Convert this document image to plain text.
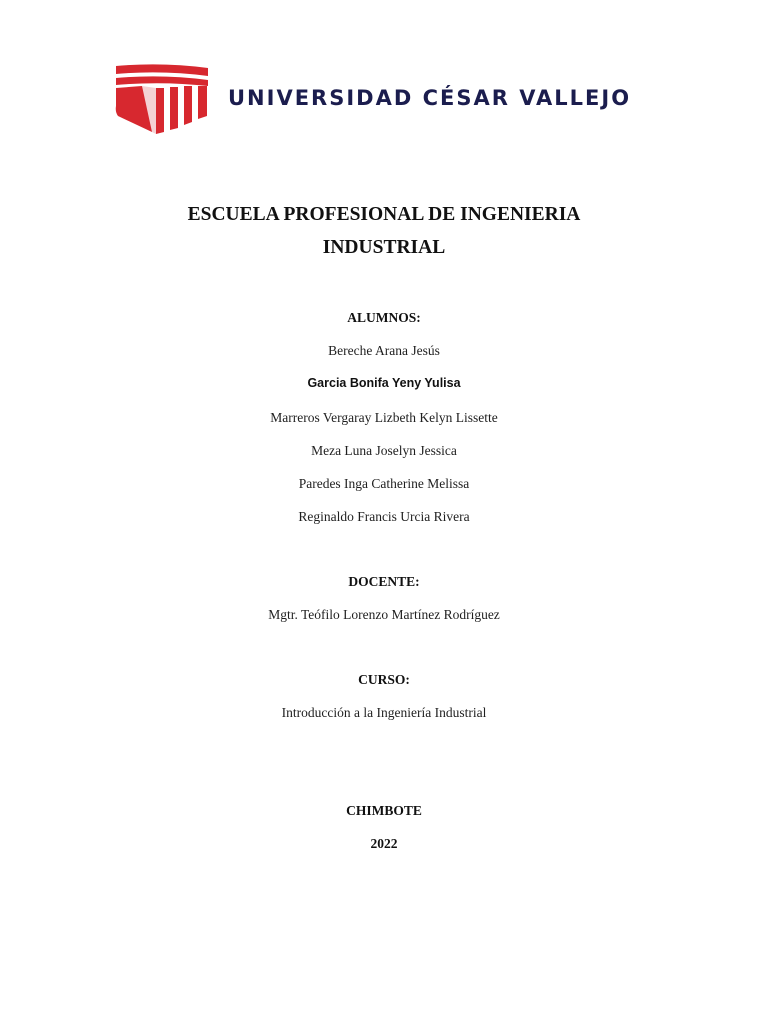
UNIVERSIDAD CÉSAR VALLEJO
ESCUELA PROFESIONAL DE INGENIERIA
INDUSTRIAL
ALUMNOS:
Bereche Arana Jesús
Garcia Bonifa Yeny Yulisa
Marreros Vergaray Lizbeth Kelyn Lissette
Meza Luna Joselyn Jessica
Paredes Inga Catherine Melissa
Reginaldo Francis Urcia Rivera
DOCENTE:
Mgtr. Teófilo Lorenzo Martínez Rodríguez
CURSO:
Introducción a la Ingeniería Industrial
CHIMBOTE
2022
